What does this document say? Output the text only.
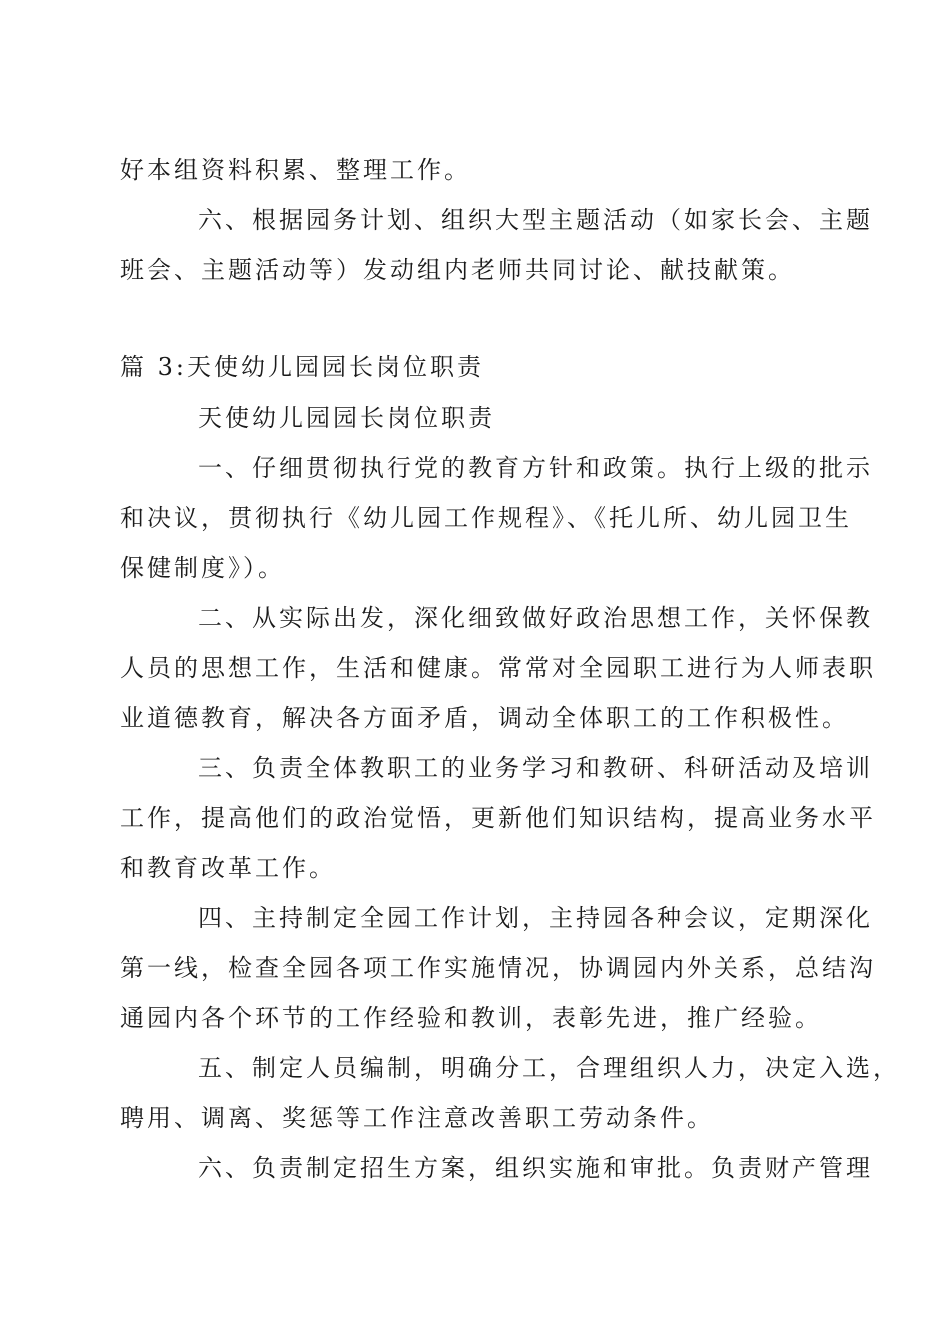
好本组资料积累、整理工作。
六、根据园务计划、组织大型主题活动（如家长会、主题
班会、主题活动等）发动组内老师共同讨论、献技献策。
篇 3:天使幼儿园园长岗位职责
天使幼儿园园长岗位职责
一、仔细贯彻执行党的教育方针和政策。执行上级的批示
和决议，贯彻执行《幼儿园工作规程》、《托儿所、幼儿园卫生
保健制度》）。
二、从实际出发，深化细致做好政治思想工作，关怀保教
人员的思想工作，生活和健康。常常对全园职工进行为人师表职
业道德教育，解决各方面矛盾，调动全体职工的工作积极性。
三、负责全体教职工的业务学习和教研、科研活动及培训
工作，提高他们的政治觉悟，更新他们知识结构，提高业务水平
和教育改革工作。
四、主持制定全园工作计划，主持园各种会议，定期深化
第一线，检查全园各项工作实施情况，协调园内外关系，总结沟
通园内各个环节的工作经验和教训，表彰先进，推广经验。
五、制定人员编制，明确分工，合理组织人力，决定入选，
聘用、调离、奖惩等工作注意改善职工劳动条件。
六、负责制定招生方案，组织实施和审批。负责财产管理
